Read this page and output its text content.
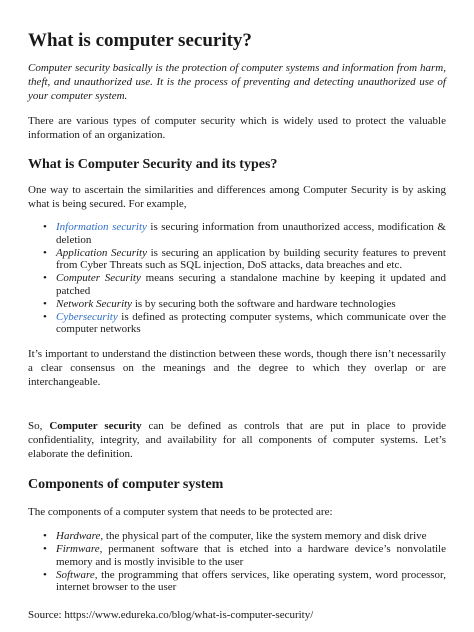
What is computer security?

Computer security basically is the protection of computer systems and information from harm, theft, and unauthorized use. It is the process of preventing and detecting unauthorized use of your computer system.

There are various types of computer security which is widely used to protect the valuable information of an organization.

What is Computer Security and its types?

One way to ascertain the similarities and differences among Computer Security is by asking what is being secured. For example,

• Information security is securing information from unauthorized access, modification & deletion
• Application Security is securing an application by building security features to prevent from Cyber Threats such as SQL injection, DoS attacks, data breaches and etc.
• Computer Security means securing a standalone machine by keeping it updated and patched
• Network Security is by securing both the software and hardware technologies
• Cybersecurity is defined as protecting computer systems, which communicate over the computer networks

It’s important to understand the distinction between these words, though there isn’t necessarily a clear consensus on the meanings and the degree to which they overlap or are interchangeable.

So, Computer security can be defined as controls that are put in place to provide confidentiality, integrity, and availability for all components of computer systems. Let’s elaborate the definition.

Components of computer system

The components of a computer system that needs to be protected are:

• Hardware, the physical part of the computer, like the system memory and disk drive
• Firmware, permanent software that is etched into a hardware device’s nonvolatile memory and is mostly invisible to the user
• Software, the programming that offers services, like operating system, word processor, internet browser to the user

Source: https://www.edureka.co/blog/what-is-computer-security/
